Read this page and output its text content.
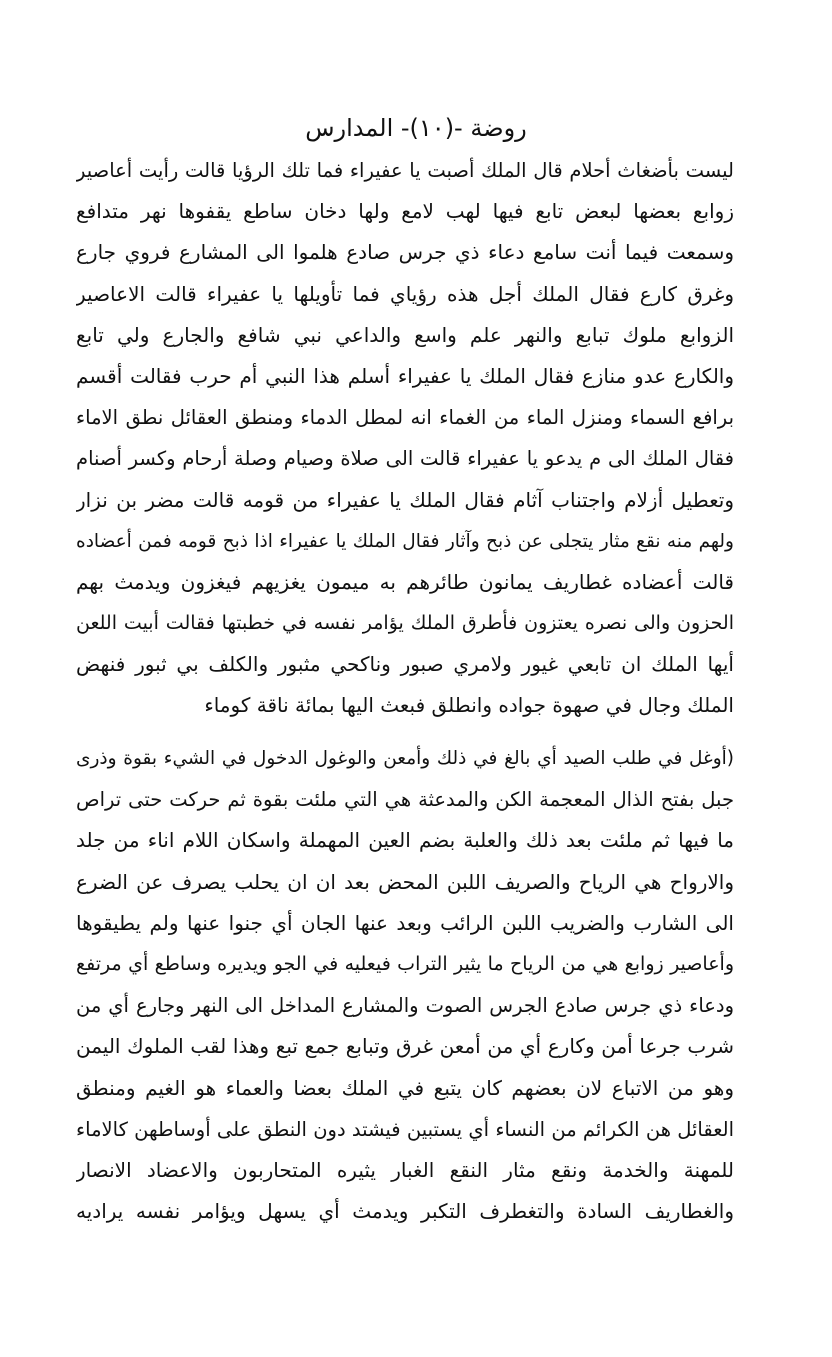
روضة -(١٠)- المدارس
ليست بأضغاث أحلام قال الملك أصبت يا عفيراء فما تلك الرؤيا قالت رأيت أعاصير
زوابع بعضها لبعض تابع فيها لهب لامع ولها دخان ساطع يقفوها نهر متدافع
وسمعت فيما أنت سامع دعاء ذي جرس صادع هلموا الى المشارع فروي جارع
وغرق كارع فقال الملك أجل هذه رؤياي فما تأويلها يا عفيراء قالت الاعاصير
الزوابع ملوك تبابع والنهر علم واسع والداعي نبي شافع والجارع ولي تابع
والكارع عدو منازع فقال الملك يا عفيراء أسلم هذا النبي أم حرب فقالت أقسم
برافع السماء ومنزل الماء من الغماء انه لمطل الدماء ومنطق العقائل نطق الاماء
فقال الملك الى م يدعو يا عفيراء قالت الى صلاة وصيام وصلة أرحام وكسر أصنام
وتعطيل أزلام واجتناب آثام فقال الملك يا عفيراء من قومه قالت مضر بن نزار
ولهم منه نقع مثار يتجلى عن ذبح وآثار فقال الملك يا عفيراء اذا ذبح قومه فمن أعضاده
قالت أعضاده غطاريف يمانون طائرهم به ميمون يغزيهم فيغزون ويدمث بهم
الحزون والى نصره يعتزون فأطرق الملك يؤامر نفسه في خطبتها فقالت أبيت اللعن
أيها الملك ان تابعي غيور ولامري صبور وناكحي مثبور والكلف بي ثبور فنهض
الملك وجال في صهوة جواده وانطلق فبعث اليها بمائة ناقة كوماء
(أوغل في طلب الصيد أي بالغ في ذلك وأمعن والوغول الدخول في الشيء بقوة وذرى
جبل بفتح الذال المعجمة الكن والمدعثة هي التي ملئت بقوة ثم حركت حتى تراص
ما فيها ثم ملئت بعد ذلك والعلبة بضم العين المهملة واسكان اللام اناء من جلد
والارواح هي الرياح والصريف اللبن المحض بعد ان ان يحلب يصرف عن الضرع
الى الشارب والضريب اللبن الرائب وبعد عنها الجان أي جنوا عنها ولم يطيقوها
وأعاصير زوابع هي من الرياح ما يثير التراب فيعليه في الجو ويديره وساطع أي مرتفع
ودعاء ذي جرس صادع الجرس الصوت والمشارع المداخل الى النهر وجارع أي من
شرب جرعا أمن وكارع أي من أمعن غرق وتبابع جمع تبع وهذا لقب الملوك اليمن
وهو من الاتباع لان بعضهم كان يتبع في الملك بعضا والعماء هو الغيم ومنطق
العقائل هن الكرائم من النساء أي يستبين فيشتد دون النطق على أوساطهن كالاماء
للمهنة والخدمة ونقع مثار النقع الغبار يثيره المتحاربون والاعضاد الانصار
والغطاريف السادة والتغطرف التكبر ويدمث أي يسهل ويؤامر نفسه يراديه
